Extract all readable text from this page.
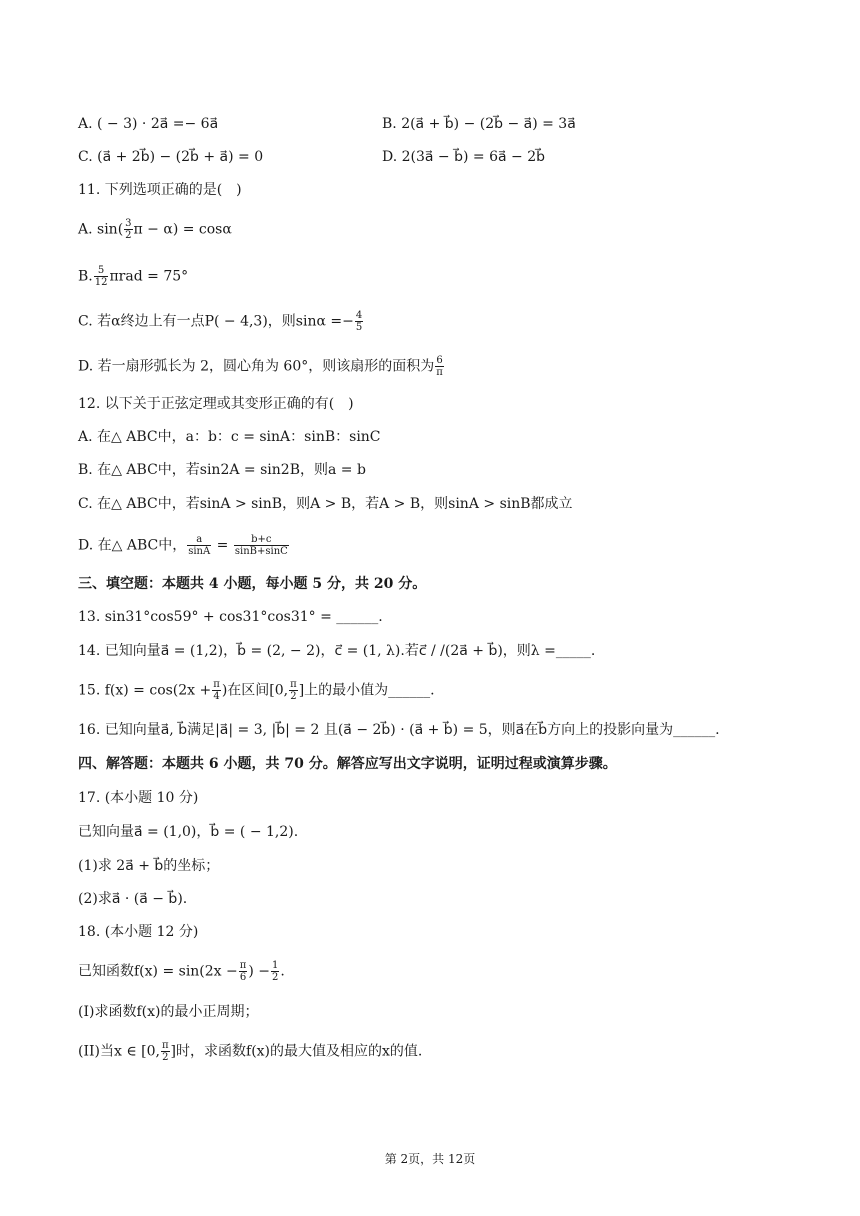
A. ( − 3) · 2a⃗ =− 6a⃗	B. 2(a⃗ + b⃗) − (2b⃗ − a⃗) = 3a⃗
C. (a⃗ + 2b⃗) − (2b⃗ + a⃗) = 0	D. 2(3a⃗ − b⃗) = 6a⃗ − 2b⃗
11. 下列选项正确的是(　)
A. $\sin( \frac{3}{2}$ π − α) = cosα
B. $\frac{5}{12}$ πrad = 75°
C. 若α终边上有一点P( − 4,3)，则$\sin\alpha =- \frac{4}{5}$
D. 若一扇形弧长为 2，圆心角为 60°，则该扇形的面积为 $\frac{6}{\pi}$
12. 以下关于正弦定理或其变形正确的有(　)
A. 在△ ABC中，a：b：c = sinA：sinB：sinC
B. 在△ ABC中，若sin2A = sin2B，则a = b
C. 在△ ABC中，若sinA > sinB，则A > B，若A > B，则sinA > sinB都成立
D. 在△ ABC中， $\frac{a}{\sin A} = \frac{b+c}{\sin B+\sin C}$
三、填空题：本题共 4 小题，每小题 5 分，共 20 分。
13. sin31°cos59° + cos31°cos31° = ______.
14. 已知向量a⃗ = (1,2)，b⃗ = (2, − 2)，c⃗ = (1, λ).若c⃗ / /(2a⃗ + b⃗)，则λ =_____.
15. $f(x) = \cos(2x + \frac{\pi}{4}$ )在区间[0, $\frac{\pi}{2}$ ]上的最小值为______.
16. 已知向量a⃗, b⃗满足|a⃗| = 3, |b⃗| = 2 且(a⃗ − 2b⃗) · (a⃗ + b⃗) = 5，则a⃗在b⃗方向上的投影向量为______.
四、解答题：本题共 6 小题，共 70 分。解答应写出文字说明，证明过程或演算步骤。
17. (本小题 10 分)
已知向量a⃗ = (1,0)，b⃗ = ( − 1,2).
(1)求 2a⃗ + b⃗的坐标；
(2)求a⃗ · (a⃗ − b⃗).
18. (本小题 12 分)
已知函数$f(x) = \sin(2x - \frac{\pi}{6}$ ) − $\frac{1}{2}$ .
(I)求函数f(x)的最小正周期；
(II)当x ∈ [0, $\frac{\pi}{2}$ ]时，求函数f(x)的最大值及相应的x的值.
第 2页，共 12页
